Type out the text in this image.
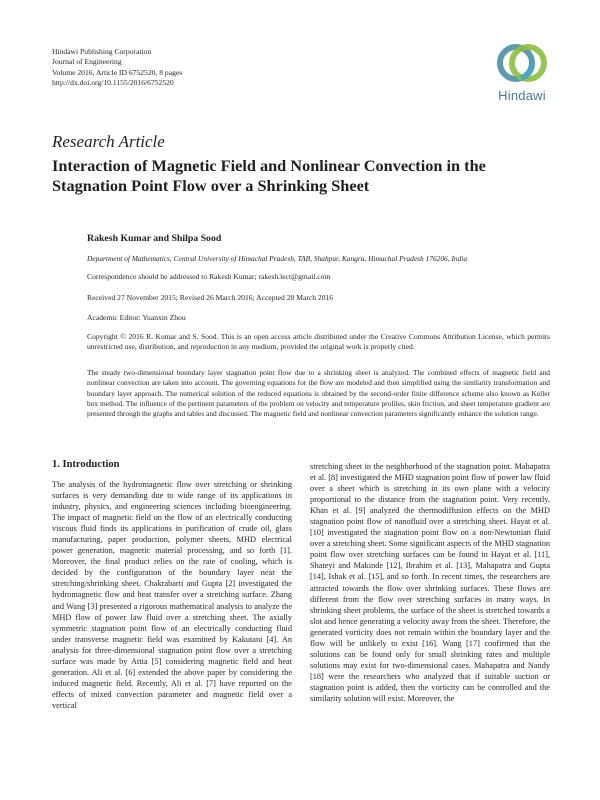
Hindawi Publishing Corporation
Journal of Engineering
Volume 2016, Article ID 6752520, 8 pages
http://dx.doi.org/10.1155/2016/6752520
Hindawi
Research Article
Interaction of Magnetic Field and Nonlinear Convection in the Stagnation Point Flow over a Shrinking Sheet
Rakesh Kumar and Shilpa Sood
Department of Mathematics, Central University of Himachal Pradesh, TAB, Shahpur, Kangra, Himachal Pradesh 176206, India
Correspondence should be addressed to Rakesh Kumar; rakesh.lect@gmail.com
Received 27 November 2015; Revised 26 March 2016; Accepted 28 March 2016
Academic Editor: Yuanxin Zhou
Copyright © 2016 R. Kumar and S. Sood. This is an open access article distributed under the Creative Commons Attribution License, which permits unrestricted use, distribution, and reproduction in any medium, provided the original work is properly cited.
The steady two-dimensional boundary layer stagnation point flow due to a shrinking sheet is analyzed. The combined effects of magnetic field and nonlinear convection are taken into account. The governing equations for the flow are modeled and then simplified using the similarity transformation and boundary layer approach. The numerical solution of the reduced equations is obtained by the second-order finite difference scheme also known as Keller box method. The influence of the pertinent parameters of the problem on velocity and temperature profiles, skin friction, and sheet temperature gradient are presented through the graphs and tables and discussed. The magnetic field and nonlinear convection parameters significantly enhance the solution range.
1. Introduction
The analysis of the hydromagnetic flow over stretching or shrinking surfaces is very demanding due to wide range of its applications in industry, physics, and engineering sciences including bioengineering. The impact of magnetic field on the flow of an electrically conducting viscous fluid finds its applications in purification of crude oil, glass manufacturing, paper production, polymer sheets, MHD electrical power generation, magnetic material processing, and so forth [1]. Moreover, the final product relies on the rate of cooling, which is decided by the configuration of the boundary layer near the stretching/shrinking sheet. Chakrabarti and Gupta [2] investigated the hydromagnetic flow and heat transfer over a stretching surface. Zhang and Wang [3] presented a rigorous mathematical analysis to analyze the MHD flow of power law fluid over a stretching sheet. The axially symmetric stagnation point flow of an electrically conducting fluid under transverse magnetic field was examined by Kakutani [4]. An analysis for three-dimensional stagnation point flow over a stretching surface was made by Attia [5] considering magnetic field and heat generation. Ali et al. [6] extended the above paper by considering the induced magnetic field. Recently, Ali et al. [7] have reported on the effects of mixed convection parameter and magnetic field over a vertical
stretching sheet in the neighborhood of the stagnation point. Mahapatra et al. [8] investigated the MHD stagnation point flow of power law fluid over a sheet which is stretching in its own plane with a velocity proportional to the distance from the stagnation point. Very recently, Khan et al. [9] analyzed the thermodiffusion effects on the MHD stagnation point flow of nanofluid over a stretching sheet. Hayat et al. [10] investigated the stagnation point flow on a non-Newtonian fluid over a stretching sheet. Some significant aspects of the MHD stagnation point flow over stretching surfaces can be found in Hayat et al. [11], Shateyi and Makinde [12], Ibrahim et al. [13], Mahapatra and Gupta [14], Ishak et al. [15], and so forth. In recent times, the researchers are attracted towards the flow over shrinking surfaces. These flows are different from the flow over stretching surfaces in many ways. In shrinking sheet problems, the surface of the sheet is stretched towards a slot and hence generating a velocity away from the sheet. Therefore, the generated vorticity does not remain within the boundary layer and the flow will be unlikely to exist [16]. Wang [17] confirmed that the solutions can be found only for small shrinking rates and multiple solutions may exist for two-dimensional cases. Mahapatra and Nandy [18] were the researchers who analyzed that if suitable suction or stagnation point is added, then the vorticity can be controlled and the similarity solution will exist. Moreover, the
